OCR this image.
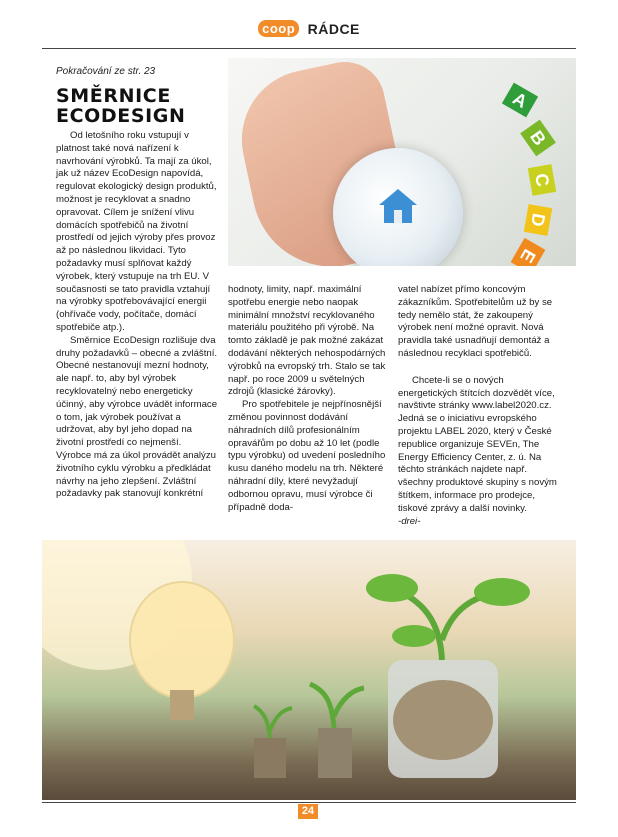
coop RÁDCE
Pokračování ze str. 23
SMĚRNICE
ECODESIGN

Od letošního roku vstupují v platnost také nová nařízení k navrhování výrobků. Ta mají za úkol, jak už název EcoDesign napovídá, regulovat ekologický design produktů, možnost je recyklovat a snadno opravovat. Cílem je snížení vlivu domácích spotřebičů na životní prostředí od jejich výroby přes provoz až po následnou likvidaci. Tyto požadavky musí splňovat každý výrobek, který vstupuje na trh EU. V současnosti se tato pravidla vztahují na výrobky spotřebovávající energii (ohřívače vody, počítače, domácí spotřebiče atp.).

Směrnice EcoDesign rozlišuje dva druhy požadavků – obecné a zvláštní. Obecné nestanovují mezní hodnoty, ale např. to, aby byl výrobek recyklovatelný nebo energeticky účinný, aby výrobce uvádět informace o tom, jak výrobek používat a udržovat, aby byl jeho dopad na životní prostředí co nejmenší. Výrobce má za úkol provádět analýzu životního cyklu výrobku a předkládat návrhy na jeho zlepšení. Zvláštní požadavky pak stanovují konkrétní

A
B
C
D
E

hodnoty, limity, např. maximální spotřebu energie nebo naopak minimální množství recyklovaného materiálu použitého při výrobě. Na tomto základě je pak možné zakázat dodávání některých nehospodárných výrobků na evropský trh. Stalo se tak např. po roce 2009 u světelných zdrojů (klasické žárovky).

Pro spotřebitele je nejpřínosnější změnou povinnost dodávání náhradních dílů profesionálním opravářům po dobu až 10 let (podle typu výrobku) od uvedení posledního kusu daného modelu na trh. Některé náhradní díly, které nevyžadují odbornou opravu, musí výrobce či případně doda-

vatel nabízet přímo koncovým zákazníkům. Spotřebitelům už by se tedy nemělo stát, že zakoupený výrobek není možné opravit. Nová pravidla také usnadňují demontáž a následnou recyklaci spotřebičů.

Chcete-li se o nových energetických štítcích dozvědět více, navštivte stránky www.label2020.cz. Jedná se o iniciativu evropského projektu LABEL 2020, který v České republice organizuje SEVEn, The Energy Efficiency Center, z. ú. Na těchto stránkách najdete např. všechny produktové skupiny s novým štítkem, informace pro prodejce, tiskové zprávy a další novinky.

-drei-

24
